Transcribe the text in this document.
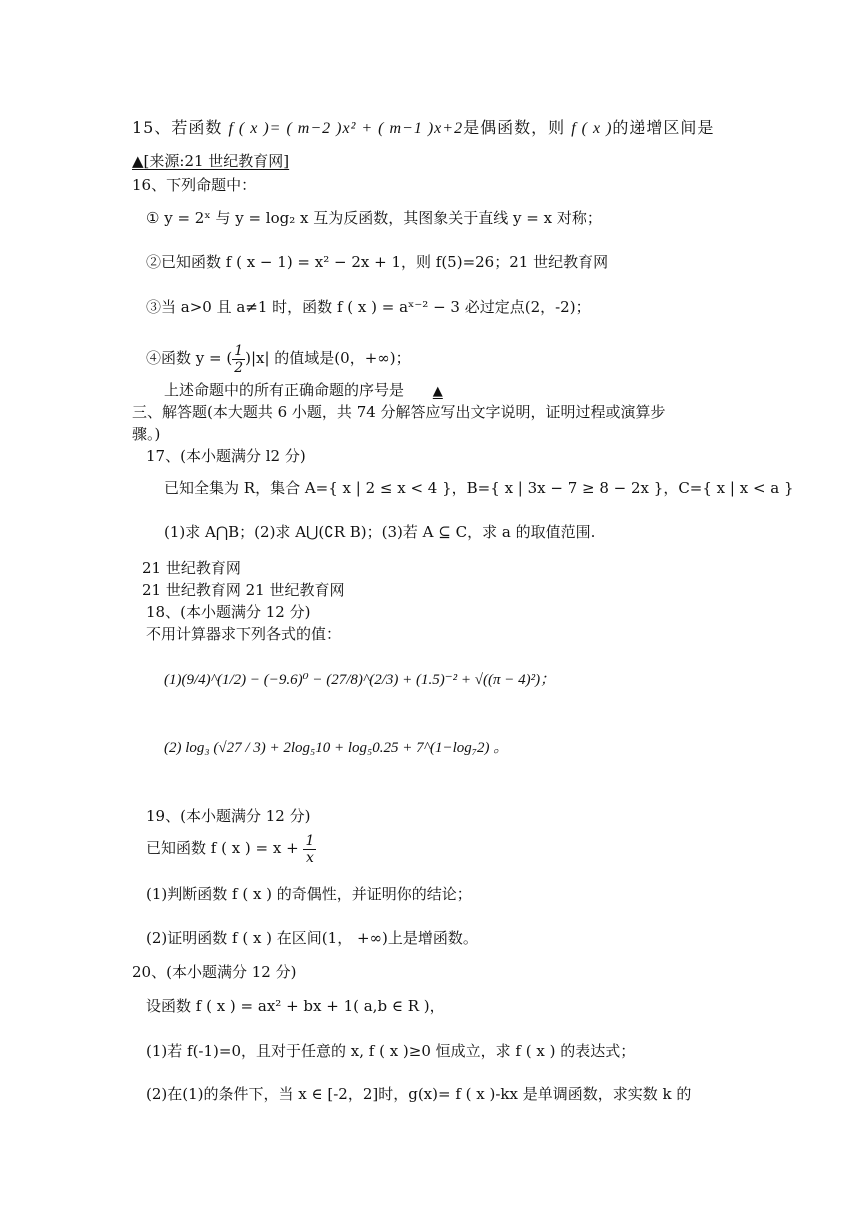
15、若函数 f ( x )= ( m−2 )x² + ( m−1 )x+2是偶函数，则 f ( x )的递增区间是
▲[来源:21 世纪教育网]
16、下列命题中：
① y = 2ˣ 与 y = log₂ x 互为反函数，其图象关于直线 y = x 对称；
②已知函数 f ( x − 1) = x² − 2x + 1，则 f(5)=26；21 世纪教育网
③当 a>0 且 a≠1 时，函数 f ( x ) = aˣ⁻² − 3 必过定点(2，-2)；
④函数 y = ( $\frac{1}{2} )|x|$ 的值域是(0，+∞)；
上述命题中的所有正确命题的序号是 ▲
三、解答题(本大题共 6 小题，共 74 分解答应写出文字说明，证明过程或演算步
骤。)
17、(本小题满分 l2 分)
已知全集为 R，集合 A={ x | 2 ≤ x < 4 }，B={ x | 3x − 7 ≥ 8 − 2x }，C={ x | x < a }
(1)求 A⋂B；(2)求 A⋃(∁R B)；(3)若 A ⊆ C，求 a 的取值范围.
21 世纪教育网
21 世纪教育网 21 世纪教育网
18、(本小题满分 12 分)
不用计算器求下列各式的值：
(1)(9/4)^(1/2) − (−9.6)⁰ − (27/8)^(2/3) + (1.5)⁻² + √((π − 4)²)；
(2) log₃ (√27 / 3) + 2log₅10 + log₅0.25 + 7^(1−log₇2) 。
19、(本小题满分 12 分)
已知函数 f ( x ) = $x + \frac{1}{x}$
(1)判断函数 f ( x ) 的奇偶性，并证明你的结论；
(2)证明函数 f ( x ) 在区间(1， +∞)上是增函数。
20、(本小题满分 12 分)
设函数 f ( x ) = ax² + bx + 1( a,b ∈ R )，
(1)若 f(-1)=0，且对于任意的 x, f ( x )≥0 恒成立，求 f ( x ) 的表达式；
(2)在(1)的条件下，当 x ∈ [-2，2]时，g(x)= f ( x )-kx 是单调函数，求实数 k 的
